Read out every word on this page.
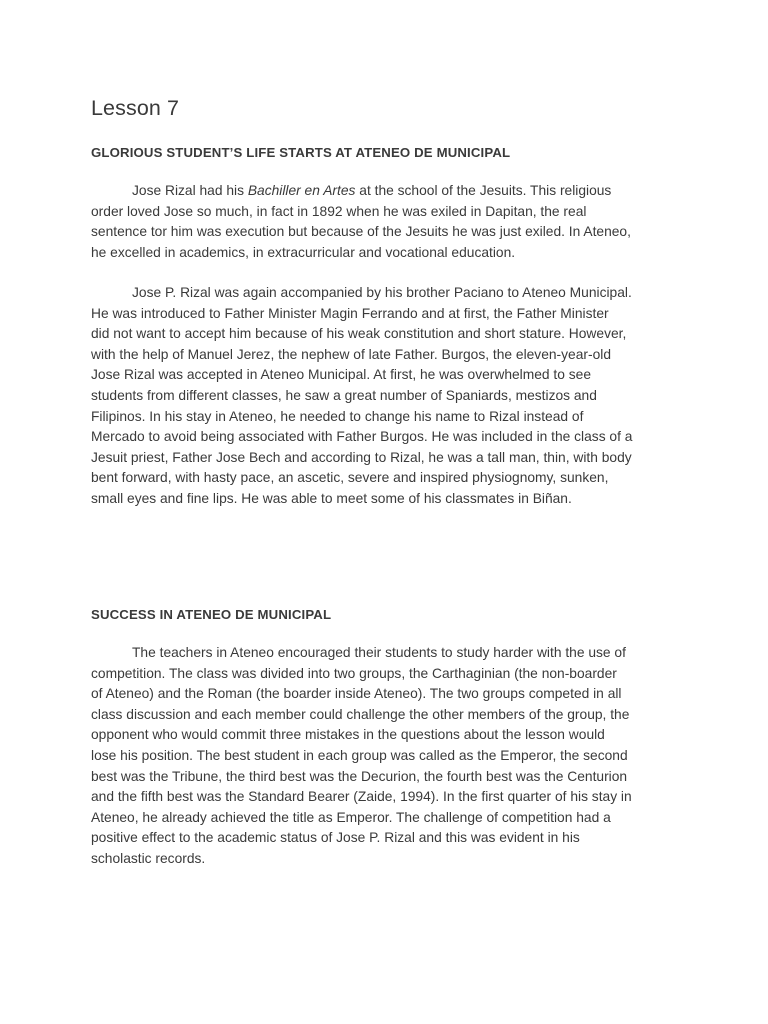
Lesson 7
GLORIOUS STUDENT’S LIFE STARTS AT ATENEO DE MUNICIPAL
Jose Rizal had his Bachiller en Artes at the school of the Jesuits. This religious
order loved Jose so much, in fact in 1892 when he was exiled in Dapitan, the real
sentence tor him was execution but because of the Jesuits he was just exiled. In Ateneo,
he excelled in academics, in extracurricular and vocational education.
Jose P. Rizal was again accompanied by his brother Paciano to Ateneo Municipal.
He was introduced to Father Minister Magin Ferrando and at first, the Father Minister
did not want to accept him because of his weak constitution and short stature. However,
with the help of Manuel Jerez, the nephew of late Father. Burgos, the eleven-year-old
Jose Rizal was accepted in Ateneo Municipal. At first, he was overwhelmed to see
students from different classes, he saw a great number of Spaniards, mestizos and
Filipinos. In his stay in Ateneo, he needed to change his name to Rizal instead of
Mercado to avoid being associated with Father Burgos. He was included in the class of a
Jesuit priest, Father Jose Bech and according to Rizal, he was a tall man, thin, with body
bent forward, with hasty pace, an ascetic, severe and inspired physiognomy, sunken,
small eyes and fine lips. He was able to meet some of his classmates in Biñan.
SUCCESS IN ATENEO DE MUNICIPAL
The teachers in Ateneo encouraged their students to study harder with the use of
competition. The class was divided into two groups, the Carthaginian (the non-boarder
of Ateneo) and the Roman (the boarder inside Ateneo). The two groups competed in all
class discussion and each member could challenge the other members of the group, the
opponent who would commit three mistakes in the questions about the lesson would
lose his position. The best student in each group was called as the Emperor, the second
best was the Tribune, the third best was the Decurion, the fourth best was the Centurion
and the fifth best was the Standard Bearer (Zaide, 1994). In the first quarter of his stay in
Ateneo, he already achieved the title as Emperor. The challenge of competition had a
positive effect to the academic status of Jose P. Rizal and this was evident in his
scholastic records.
